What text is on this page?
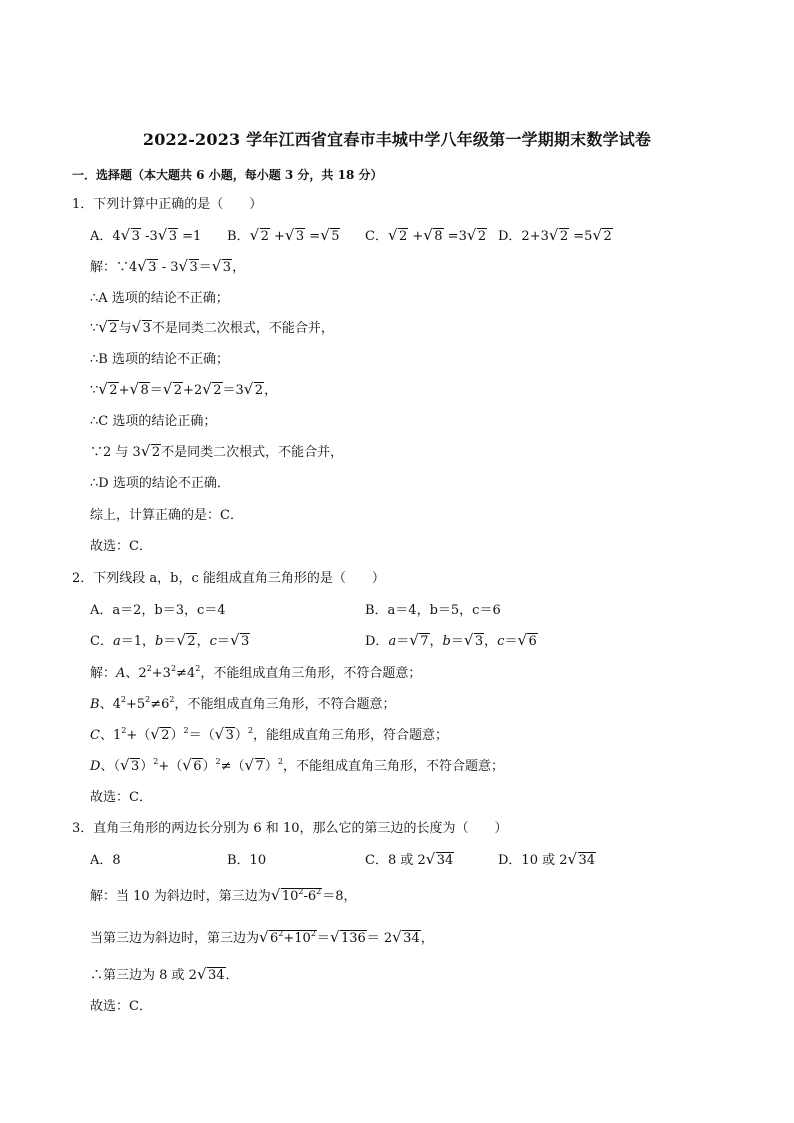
2022-2023 学年江西省宜春市丰城中学八年级第一学期期末数学试卷
一．选择题（本大题共 6 小题，每小题 3 分，共 18 分）
1．下列计算中正确的是（　　）
A．4√ 3 -3√ 3 =1 B．√ 2 +√ 3 =√ 5 C．√ 2 +√ 8 =3√ 2 D．2+3√ 2 =5√ 2
解：∵4√ 3 - 3√ 3＝√ 3，
∴A 选项的结论不正确；
∵√ 2与√ 3不是同类二次根式，不能合并，
∴B 选项的结论不正确；
∵√ 2+√ 8＝√ 2+2√ 2＝3√ 2，
∴C 选项的结论正确；
∵2 与 3√ 2不是同类二次根式，不能合并，
∴D 选项的结论不正确．
综上，计算正确的是：C．
故选：C．
2．下列线段 a，b，c 能组成直角三角形的是（　　）
A．a＝2，b＝3，c＝4	B．a＝4，b＝5，c＝6
C．a＝1，b＝√ 2，c＝√ 3	D．a＝√ 7，b＝√ 3，c＝√ 6
解：A、$2^2+3^2\ne 4^2$，不能组成直角三角形，不符合题意；
B、$4^2+5^2\ne 6^2$，不能组成直角三角形，不符合题意；
C、$1^2+(√$ 2）$^2$＝（√ 3）$^2$，能组成直角三角形，符合题意；
D、（√ 3）$^2$+（√ 6）$^2$≠（√ 7）$^2$，不能组成直角三角形，不符合题意；
故选：C．
3．直角三角形的两边长分别为 6 和 10，那么它的第三边的长度为（　　）
A．8	B．10	C．8 或 2√ 34	D．10 或 2√ 34
解：当 10 为斜边时，第三边为√ $10^2-6^2=8$，
当第三边为斜边时，第三边为√ $6^2+10^2=√$ 136＝ 2√ 34，
∴第三边为 8 或 2√ 34．
故选：C．
